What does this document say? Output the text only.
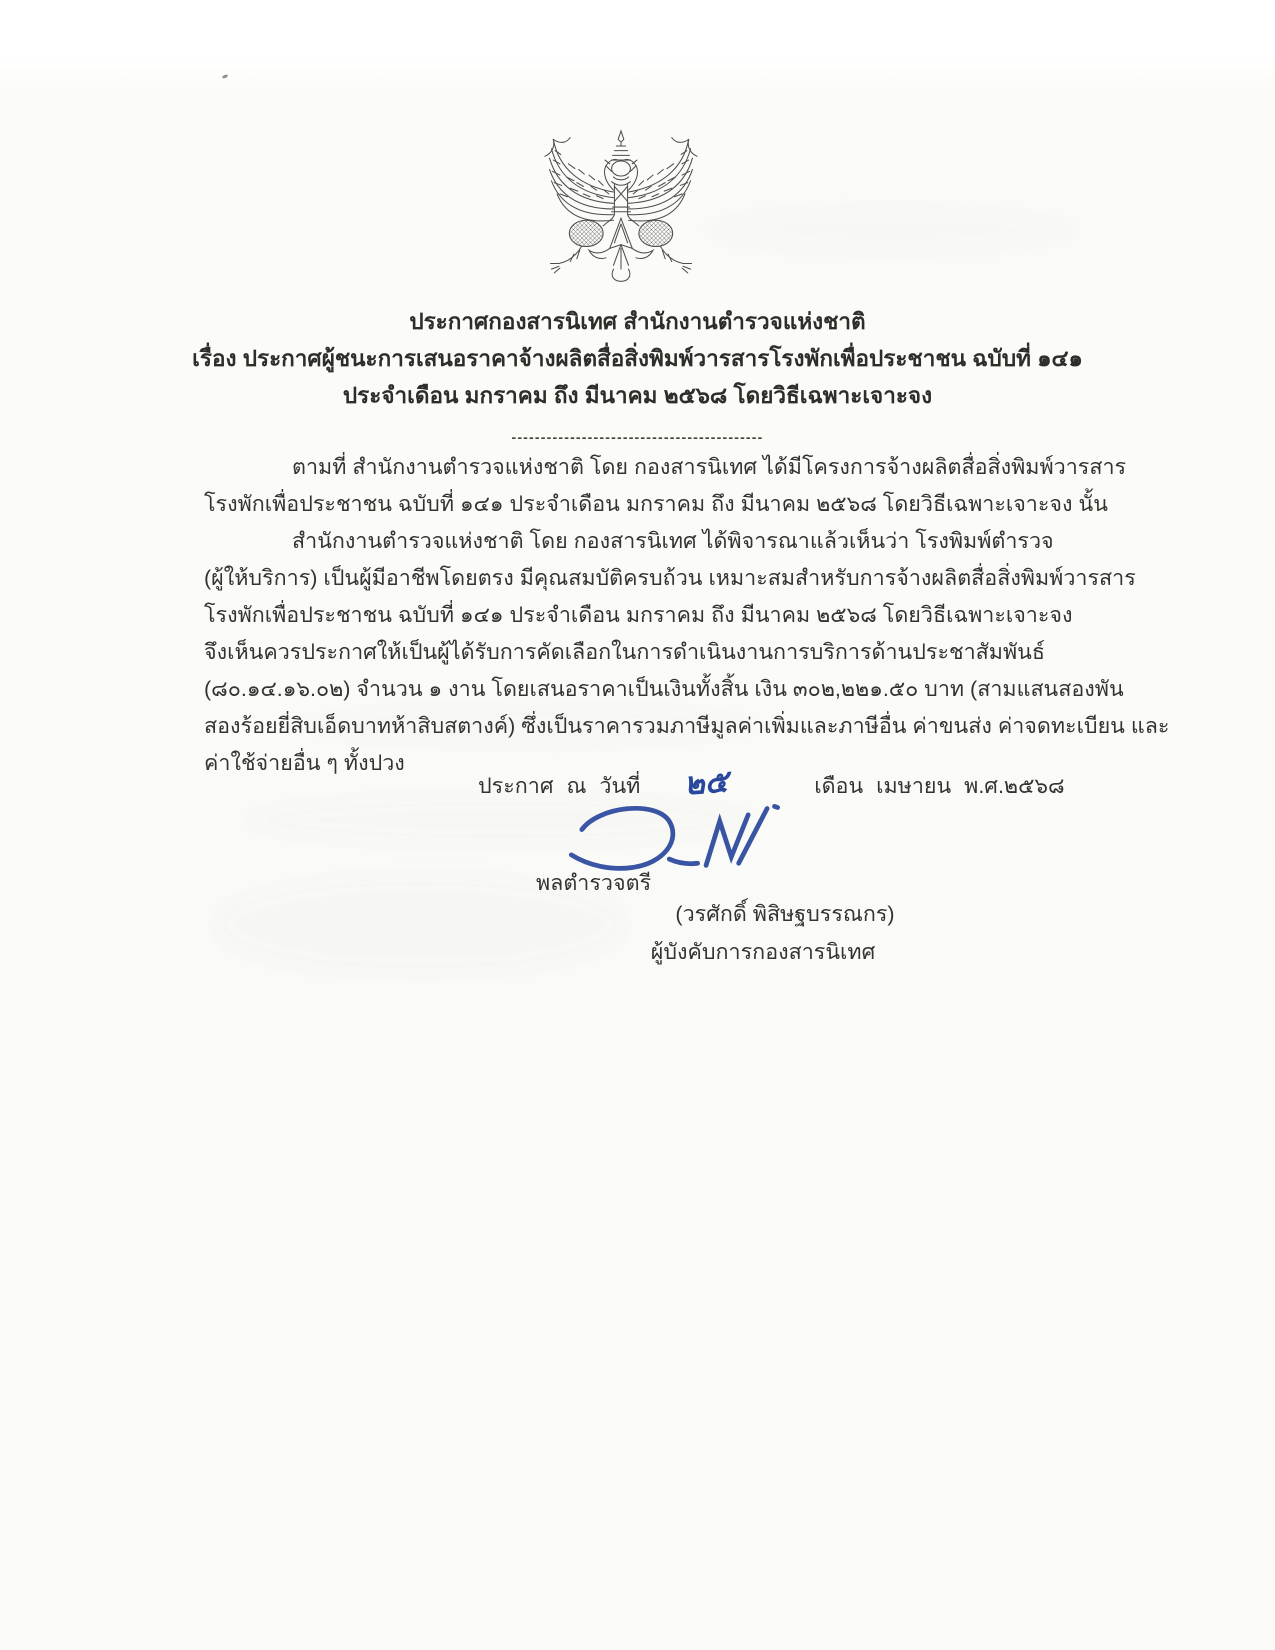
ประกาศกองสารนิเทศ สำนักงานตำรวจแห่งชาติ
เรื่อง ประกาศผู้ชนะการเสนอราคาจ้างผลิตสื่อสิ่งพิมพ์วารสารโรงพักเพื่อประชาชน ฉบับที่ ๑๔๑
ประจำเดือน มกราคม ถึง มีนาคม ๒๕๖๘ โดยวิธีเฉพาะเจาะจง
-------------------------------------------
ตามที่ สำนักงานตำรวจแห่งชาติ โดย กองสารนิเทศ ได้มีโครงการจ้างผลิตสื่อสิ่งพิมพ์วารสาร
โรงพักเพื่อประชาชน ฉบับที่ ๑๔๑ ประจำเดือน มกราคม ถึง มีนาคม ๒๕๖๘ โดยวิธีเฉพาะเจาะจง นั้น
สำนักงานตำรวจแห่งชาติ โดย กองสารนิเทศ ได้พิจารณาแล้วเห็นว่า โรงพิมพ์ตำรวจ
(ผู้ให้บริการ) เป็นผู้มีอาชีพโดยตรง มีคุณสมบัติครบถ้วน เหมาะสมสำหรับการจ้างผลิตสื่อสิ่งพิมพ์วารสาร
โรงพักเพื่อประชาชน ฉบับที่ ๑๔๑ ประจำเดือน มกราคม ถึง มีนาคม ๒๕๖๘ โดยวิธีเฉพาะเจาะจง
จึงเห็นควรประกาศให้เป็นผู้ได้รับการคัดเลือกในการดำเนินงานการบริการด้านประชาสัมพันธ์
(๘๐.๑๔.๑๖.๐๒) จำนวน ๑ งาน โดยเสนอราคาเป็นเงินทั้งสิ้น เงิน ๓๐๒,๒๒๑.๕๐ บาท (สามแสนสองพัน
สองร้อยยี่สิบเอ็ดบาทห้าสิบสตางค์) ซึ่งเป็นราคารวมภาษีมูลค่าเพิ่มและภาษีอื่น ค่าขนส่ง ค่าจดทะเบียน และ
ค่าใช้จ่ายอื่น ๆ ทั้งปวง
ประกาศ ณ วันที่ ๒๕	เดือน เมษายน พ.ศ.๒๕๖๘
พลตำรวจตรี
(วรศักดิ์ พิสิษฐบรรณกร)
ผู้บังคับการกองสารนิเทศ
